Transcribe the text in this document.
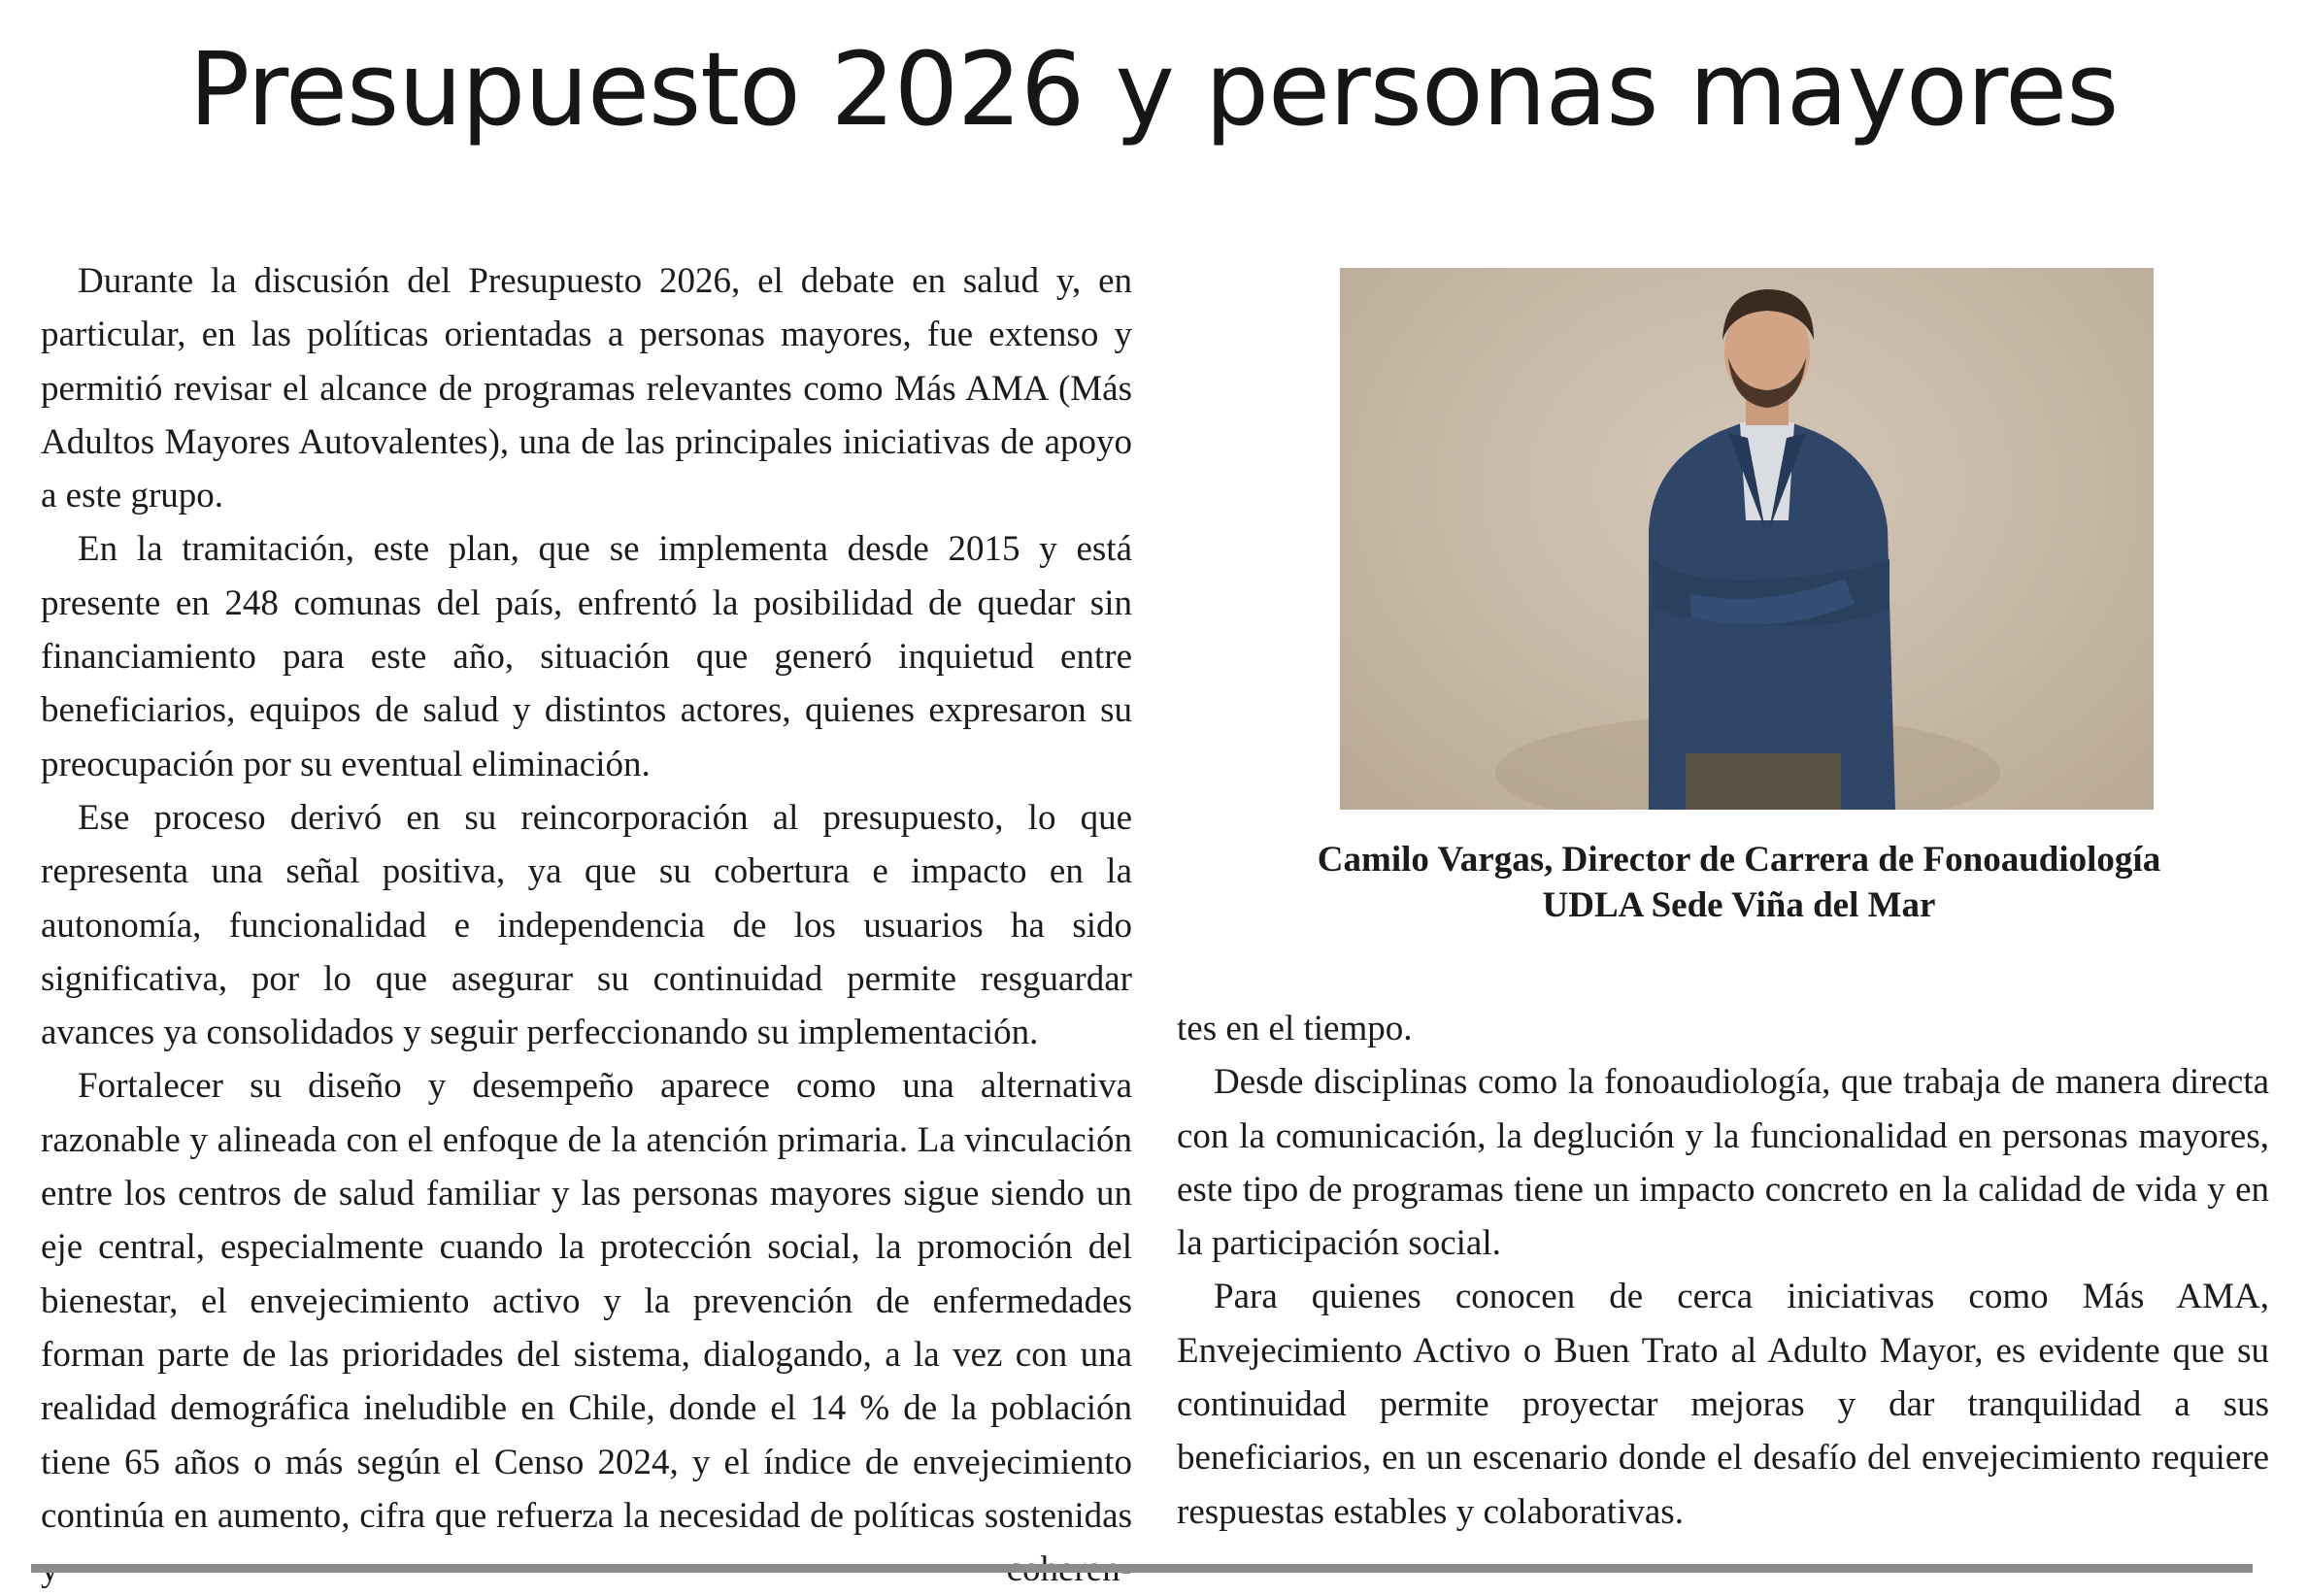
Presupuesto 2026 y personas mayores

Durante la discusión del Presupuesto 2026, el debate en salud y, en particular, en las políticas orientadas a personas mayores, fue extenso y permitió revisar el alcance de programas relevantes como Más AMA (Más Adultos Mayores Autovalentes), una de las principales iniciativas de apoyo a este grupo.

En la tramitación, este plan, que se implementa desde 2015 y está presente en 248 comunas del país, enfrentó la posibilidad de quedar sin financiamiento para este año, situación que generó inquietud entre beneficiarios, equipos de salud y distintos actores, quienes expresaron su preocupación por su eventual eliminación.

Ese proceso derivó en su reincorporación al presupuesto, lo que representa una señal positiva, ya que su cobertura e impacto en la autonomía, funcionalidad e independencia de los usuarios ha sido significativa, por lo que asegurar su continuidad permite resguardar avances ya consolidados y seguir perfeccionando su implementación.

Fortalecer su diseño y desempeño aparece como una alternativa razonable y alineada con el enfoque de la atención primaria. La vinculación entre los centros de salud familiar y las personas mayores sigue siendo un eje central, especialmente cuando la protección social, la promoción del bienestar, el envejecimiento activo y la prevención de enfermedades forman parte de las prioridades del sistema, dialogando, a la vez con una realidad demográfica ineludible en Chile, donde el 14 % de la población tiene 65 años o más según el Censo 2024, y el índice de envejecimiento continúa en aumento, cifra que refuerza la necesidad de políticas sostenidas

Camilo Vargas, Director de Carrera de Fonoaudiología
UDLA Sede Viña del Mar

tes en el tiempo.

Desde disciplinas como la fonoaudiología, que trabaja de manera directa con la comunicación, la deglución y la funcionalidad en personas mayores, este tipo de programas tiene un impacto concreto en la calidad de vida y en la participación social.

Para quienes conocen de cerca iniciativas como Más AMA, Envejecimiento Activo o Buen Trato al Adulto Mayor, es evidente que su continuidad permite proyectar mejoras y dar tranquilidad a sus beneficiarios, en un escenario donde el desafío del envejecimiento requiere respuestas estables y colaborativas.
